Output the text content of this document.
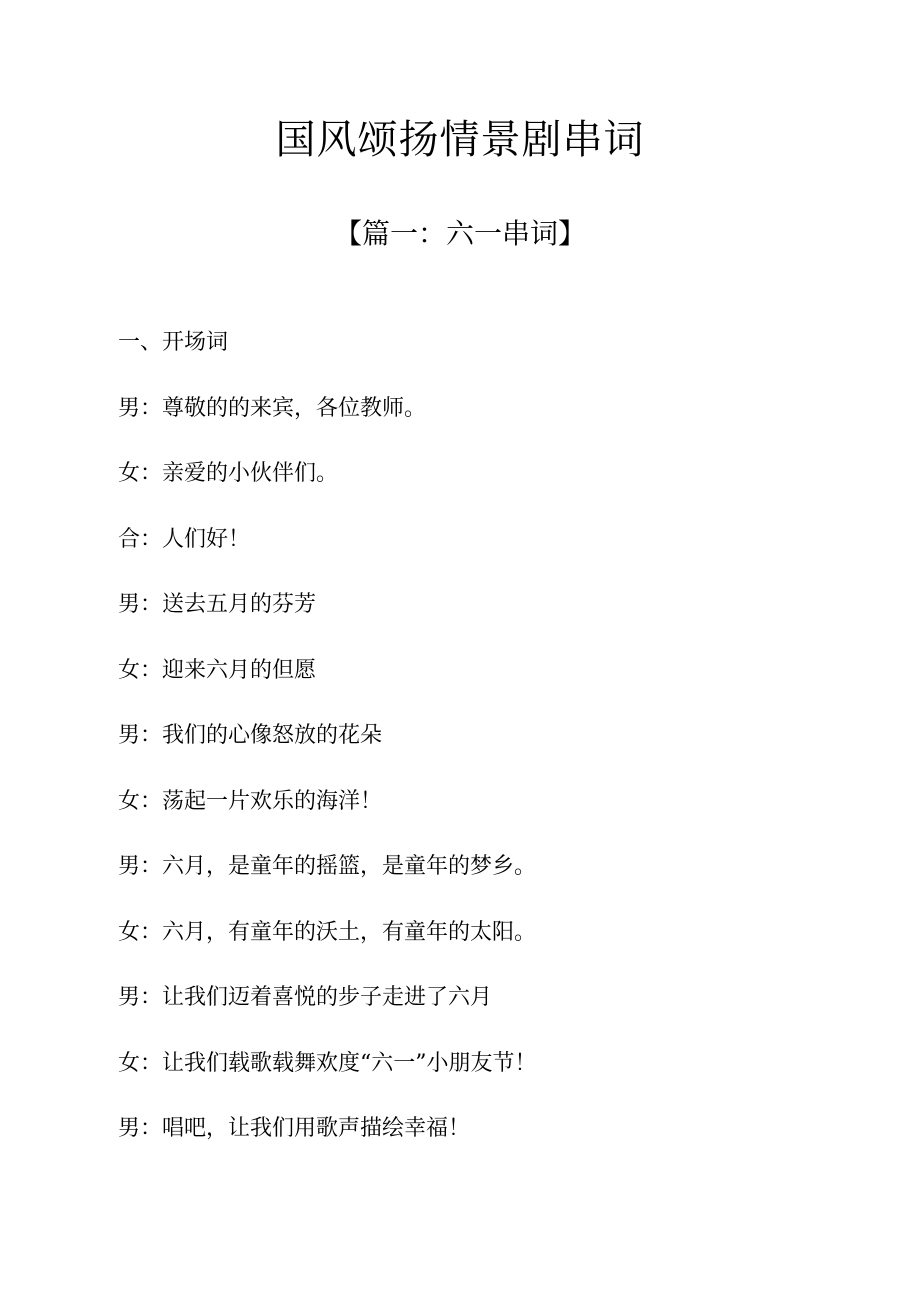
国风颂扬情景剧串词
【篇一：六一串词】
一、开场词
男：尊敬的的来宾，各位教师。
女：亲爱的小伙伴们。
合：人们好！
男：送去五月的芬芳
女：迎来六月的但愿
男：我们的心像怒放的花朵
女：荡起一片欢乐的海洋！
男：六月，是童年的摇篮，是童年的梦乡。
女：六月，有童年的沃土，有童年的太阳。
男：让我们迈着喜悦的步子走进了六月
女：让我们载歌载舞欢度“六一”小朋友节！
男：唱吧，让我们用歌声描绘幸福！
